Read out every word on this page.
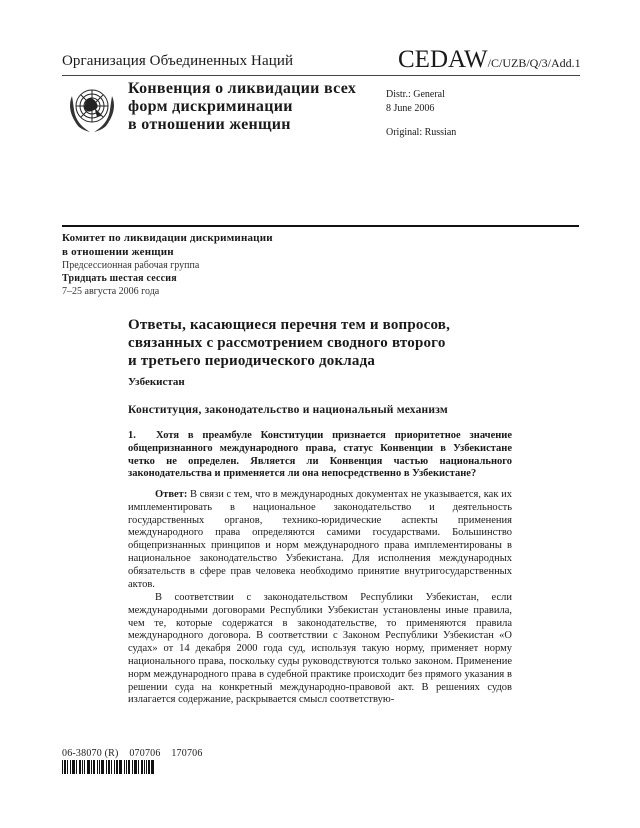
Организация Объединенных Наций	CEDAW/C/UZB/Q/3/Add.1
Конвенция о ликвидации всех
форм дискриминации
в отношении женщин
Distr.: General
8 June 2006
Original: Russian
Комитет по ликвидации дискриминации
в отношении женщин
Предсессионная рабочая группа
Тридцать шестая сессия
7–25 августа 2006 года
Ответы, касающиеся перечня тем и вопросов,
связанных с рассмотрением сводного второго
и третьего периодического доклада
Узбекистан
Конституция, законодательство и национальный механизм
1. Хотя в преамбуле Конституции признается приоритетное значение общепризнанного международного права, статус Конвенции в Узбекистане четко не определен. Является ли Конвенция частью национального законодательства и применяется ли она непосредственно в Узбекистане?
Ответ: В связи с тем, что в международных документах не указывается, как их имплементировать в национальное законодательство и деятельность государственных органов, технико-юридические аспекты применения международного права определяются самими государствами. Большинство общепризнанных принципов и норм международного права имплементированы в национальное законодательство Узбекистана. Для исполнения международных обязательств в сфере прав человека необходимо принятие внутригосударственных актов.
В соответствии с законодательством Республики Узбекистан, если международными договорами Республики Узбекистан установлены иные правила, чем те, которые содержатся в законодательстве, то применяются правила международного договора. В соответствии с Законом Республики Узбекистан «О судах» от 14 декабря 2000 года суд, используя такую норму, применяет норму национального права, поскольку суды руководствуются только законом. Применение норм международного права в судебной практике происходит без прямого указания в решении суда на конкретный международно-правовой акт. В решениях судов излагается содержание, раскрывается смысл соответствую-
06-38070 (R)    070706    170706
